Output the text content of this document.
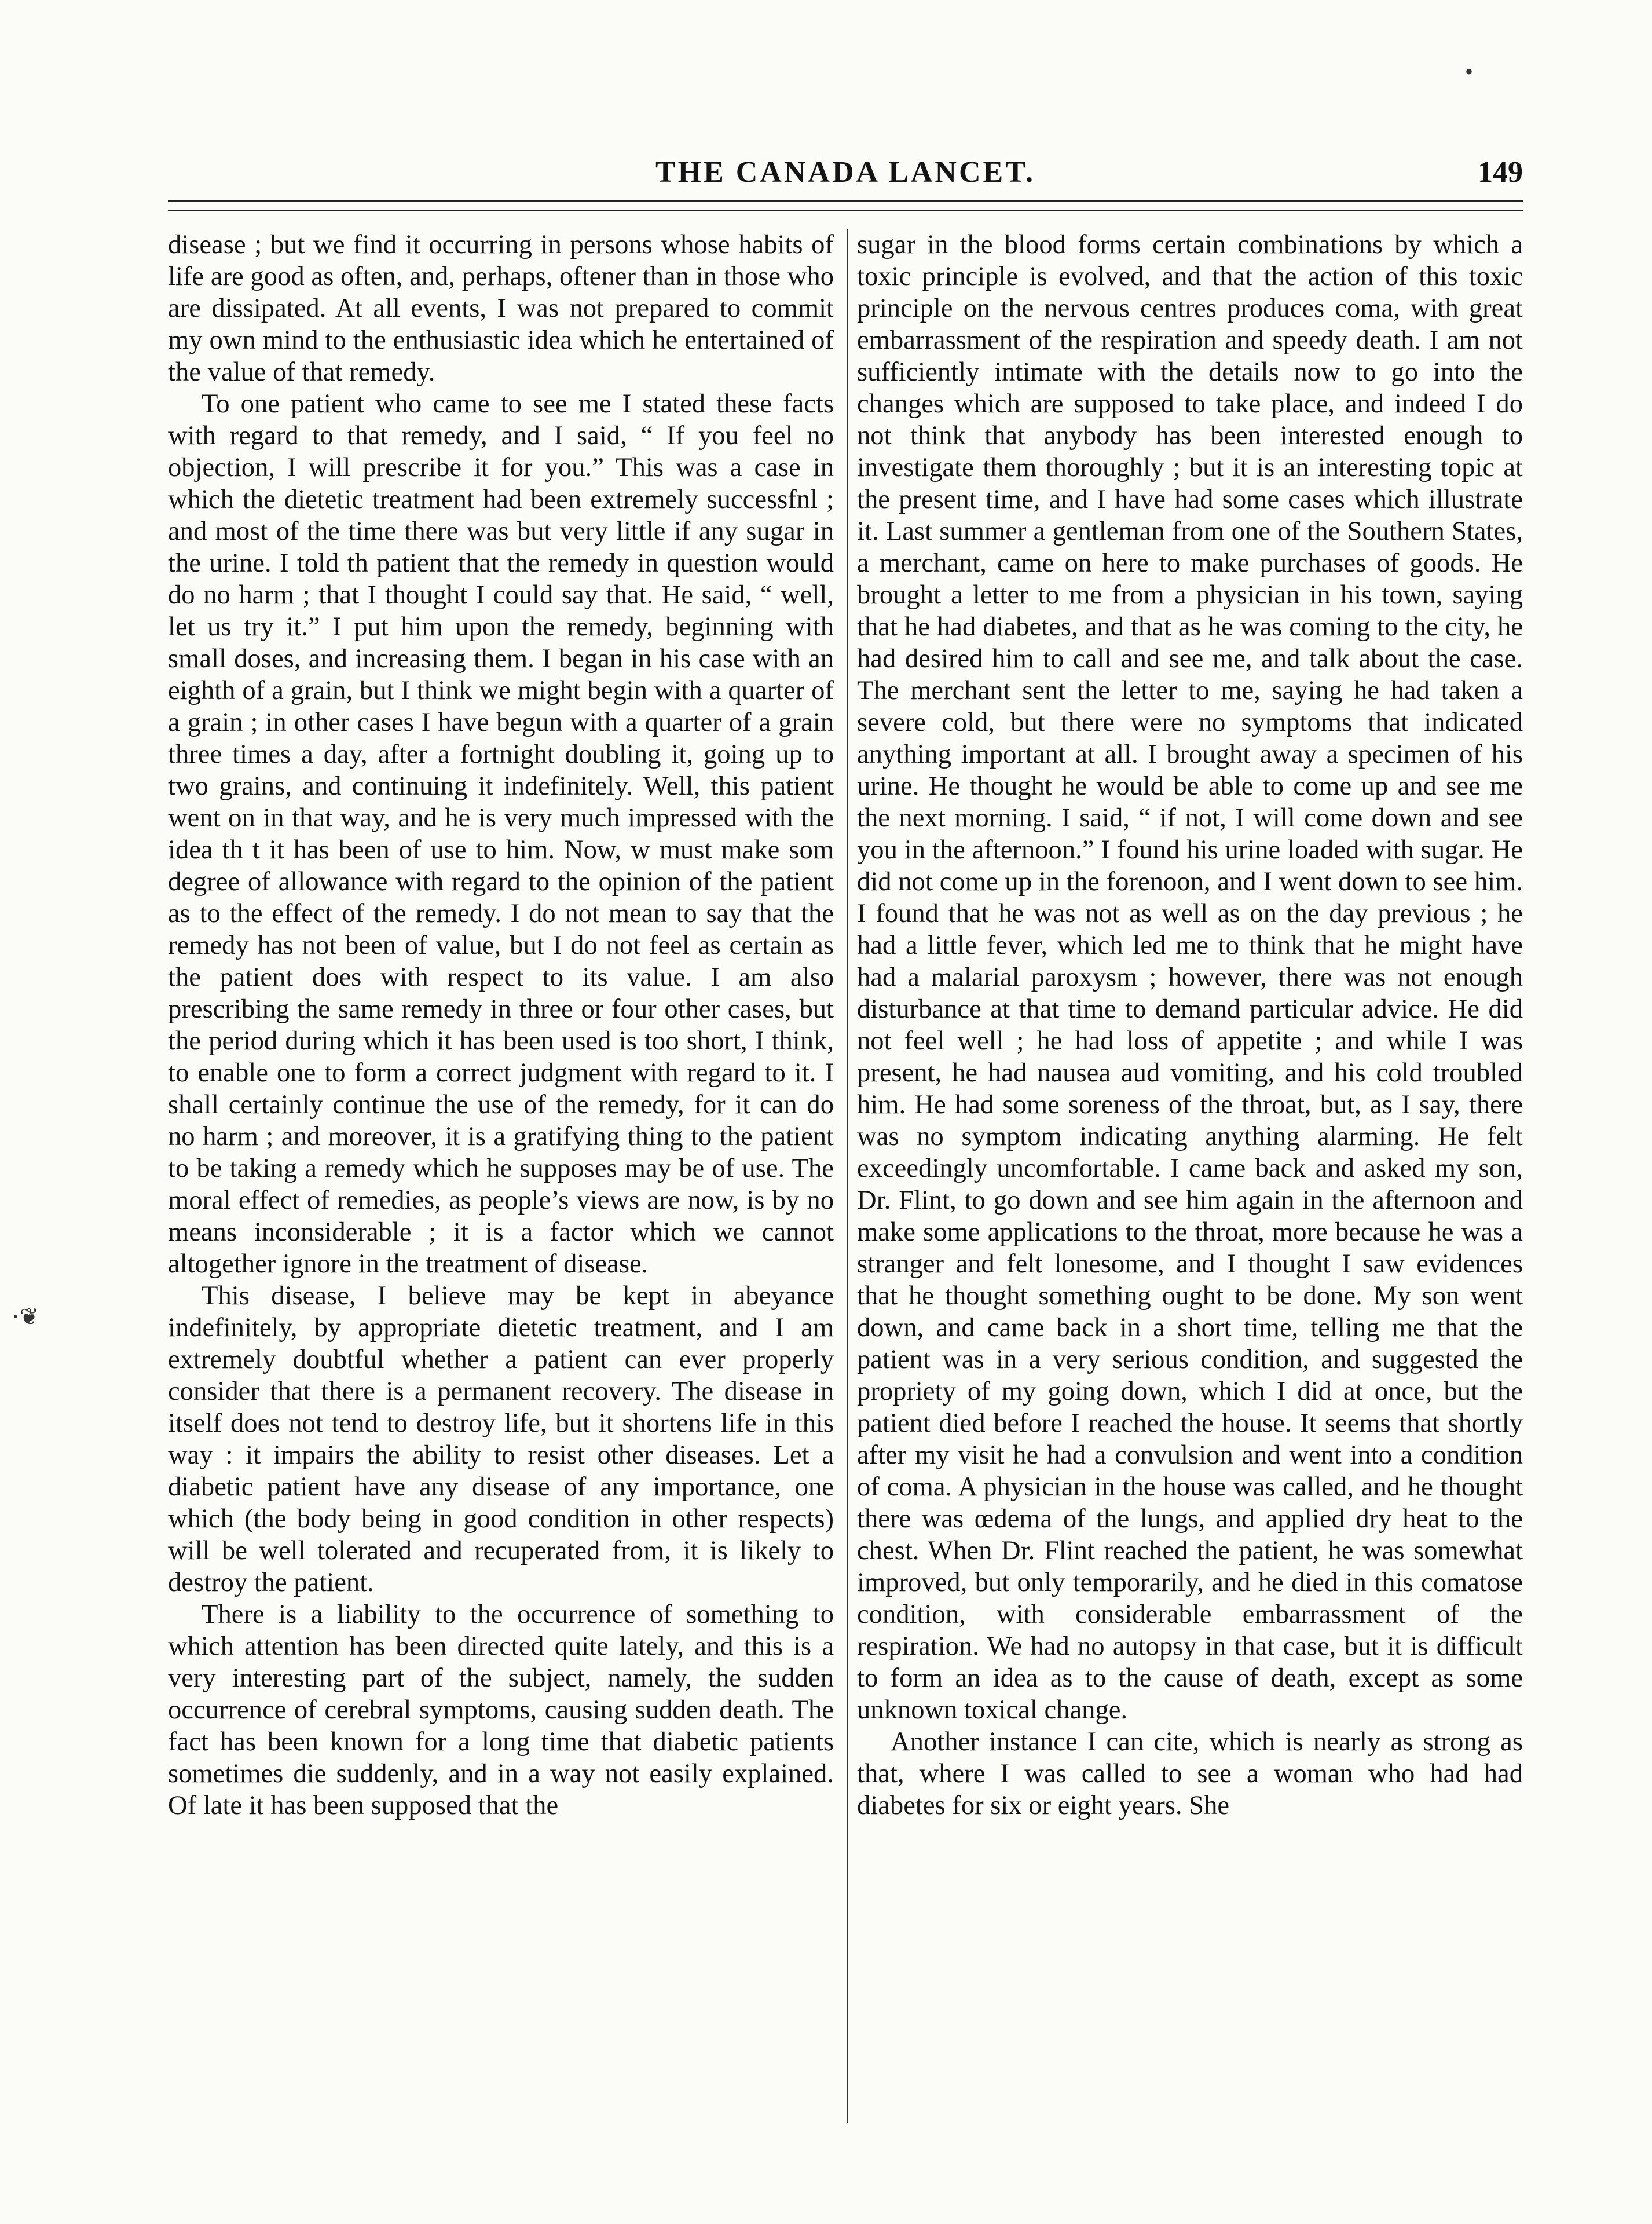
THE CANADA LANCET.	149

disease ; but we find it occurring in persons whose habits of life are good as often, and, perhaps, oftener than in those who are dissipated. At all events, I was not prepared to commit my own mind to the enthusiastic idea which he entertained of the value of that remedy.

To one patient who came to see me I stated these facts with regard to that remedy, and I said, “ If you feel no objection, I will prescribe it for you.” This was a case in which the dietetic treatment had been extremely successfnl ; and most of the time there was but very little if any sugar in the urine. I told th patient that the remedy in question would do no harm ; that I thought I could say that. He said, “ well, let us try it.” I put him upon the remedy, beginning with small doses, and increasing them. I began in his case with an eighth of a grain, but I think we might begin with a quarter of a grain ; in other cases I have begun with a quarter of a grain three times a day, after a fortnight doubling it, going up to two grains, and continuing it indefinitely. Well, this patient went on in that way, and he is very much impressed with the idea th t it has been of use to him. Now, w must make som degree of allowance with regard to the opinion of the patient as to the effect of the remedy. I do not mean to say that the remedy has not been of value, but I do not feel as certain as the patient does with respect to its value. I am also prescribing the same remedy in three or four other cases, but the period during which it has been used is too short, I think, to enable one to form a correct judgment with regard to it. I shall certainly continue the use of the remedy, for it can do no harm ; and moreover, it is a gratifying thing to the patient to be taking a remedy which he supposes may be of use. The moral effect of remedies, as people’s views are now, is by no means inconsiderable ; it is a factor which we cannot altogether ignore in the treatment of disease.

This disease, I believe may be kept in abeyance indefinitely, by appropriate dietetic treatment, and I am extremely doubtful whether a patient can ever properly consider that there is a permanent recovery. The disease in itself does not tend to destroy life, but it shortens life in this way : it impairs the ability to resist other diseases. Let a diabetic patient have any disease of any importance, one which (the body being in good condition in other respects) will be well tolerated and recuperated from, it is likely to destroy the patient.

There is a liability to the occurrence of something to which attention has been directed quite lately, and this is a very interesting part of the subject, namely, the sudden occurrence of cerebral symptoms, causing sudden death. The fact has been known for a long time that diabetic patients sometimes die suddenly, and in a way not easily explained. Of late it has been supposed that the

sugar in the blood forms certain combinations by which a toxic principle is evolved, and that the action of this toxic principle on the nervous centres produces coma, with great embarrassment of the respiration and speedy death. I am not sufficiently intimate with the details now to go into the changes which are supposed to take place, and indeed I do not think that anybody has been interested enough to investigate them thoroughly ; but it is an interesting topic at the present time, and I have had some cases which illustrate it. Last summer a gentleman from one of the Southern States, a merchant, came on here to make purchases of goods. He brought a letter to me from a physician in his town, saying that he had diabetes, and that as he was coming to the city, he had desired him to call and see me, and talk about the case. The merchant sent the letter to me, saying he had taken a severe cold, but there were no symptoms that indicated anything important at all. I brought away a specimen of his urine. He thought he would be able to come up and see me the next morning. I said, “ if not, I will come down and see you in the afternoon.” I found his urine loaded with sugar. He did not come up in the forenoon, and I went down to see him. I found that he was not as well as on the day previous ; he had a little fever, which led me to think that he might have had a malarial paroxysm ; however, there was not enough disturbance at that time to demand particular advice. He did not feel well ; he had loss of appetite ; and while I was present, he had nausea aud vomiting, and his cold troubled him. He had some soreness of the throat, but, as I say, there was no symptom indicating anything alarming. He felt exceedingly uncomfortable. I came back and asked my son, Dr. Flint, to go down and see him again in the afternoon and make some applications to the throat, more because he was a stranger and felt lonesome, and I thought I saw evidences that he thought something ought to be done. My son went down, and came back in a short time, telling me that the patient was in a very serious condition, and suggested the propriety of my going down, which I did at once, but the patient died before I reached the house. It seems that shortly after my visit he had a convulsion and went into a condition of coma. A physician in the house was called, and he thought there was œdema of the lungs, and applied dry heat to the chest. When Dr. Flint reached the patient, he was somewhat improved, but only temporarily, and he died in this comatose condition, with considerable embarrassment of the respiration. We had no autopsy in that case, but it is difficult to form an idea as to the cause of death, except as some unknown toxical change.

Another instance I can cite, which is nearly as strong as that, where I was called to see a woman who had had diabetes for six or eight years. She

⋅❦
•
